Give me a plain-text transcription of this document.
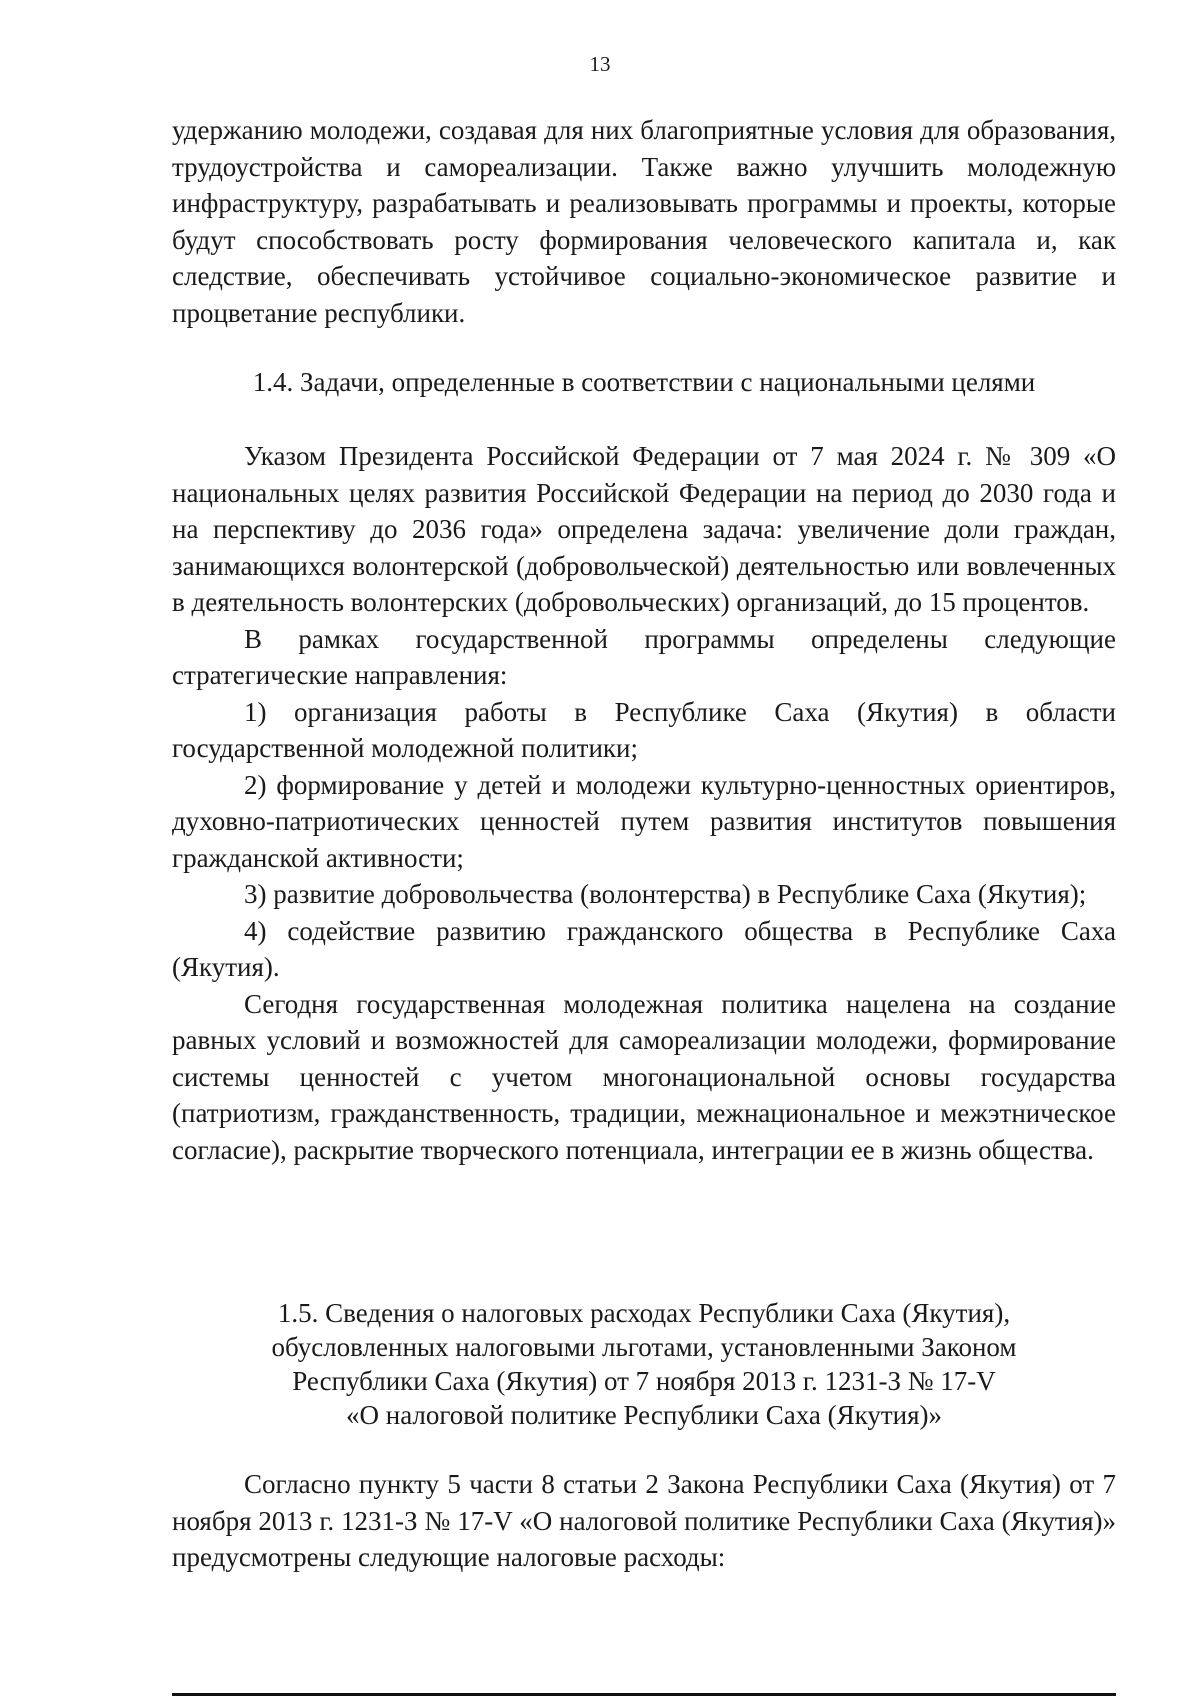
13

удержанию молодежи, создавая для них благоприятные условия для образования, трудоустройства и самореализации. Также важно улучшить молодежную инфраструктуру, разрабатывать и реализовывать программы и проекты, которые будут способствовать росту формирования человеческого капитала и, как следствие, обеспечивать устойчивое социально-экономическое развитие и процветание республики.

1.4. Задачи, определенные в соответствии с национальными целями

Указом Президента Российской Федерации от 7 мая 2024 г. № 309 «О национальных целях развития Российской Федерации на период до 2030 года и на перспективу до 2036 года» определена задача: увеличение доли граждан, занимающихся волонтерской (добровольческой) деятельностью или вовлеченных в деятельность волонтерских (добровольческих) организаций, до 15 процентов.

В рамках государственной программы определены следующие стратегические направления:

1) организация работы в Республике Саха (Якутия) в области государственной молодежной политики;

2) формирование у детей и молодежи культурно-ценностных ориентиров, духовно-патриотических ценностей путем развития институтов повышения гражданской активности;

3) развитие добровольчества (волонтерства) в Республике Саха (Якутия);

4) содействие развитию гражданского общества в Республике Саха (Якутия).

Сегодня государственная молодежная политика нацелена на создание равных условий и возможностей для самореализации молодежи, формирование системы ценностей с учетом многонациональной основы государства (патриотизм, гражданственность, традиции, межнациональное и межэтническое согласие), раскрытие творческого потенциала, интеграции ее в жизнь общества.

1.5. Сведения о налоговых расходах Республики Саха (Якутия),
обусловленных налоговыми льготами, установленными Законом
Республики Саха (Якутия) от 7 ноября 2013 г. 1231-З № 17-V
«О налоговой политике Республики Саха (Якутия)»

Согласно пункту 5 части 8 статьи 2 Закона Республики Саха (Якутия) от 7 ноября 2013 г. 1231-З № 17-V «О налоговой политике Республики Саха (Якутия)» предусмотрены следующие налоговые расходы:
